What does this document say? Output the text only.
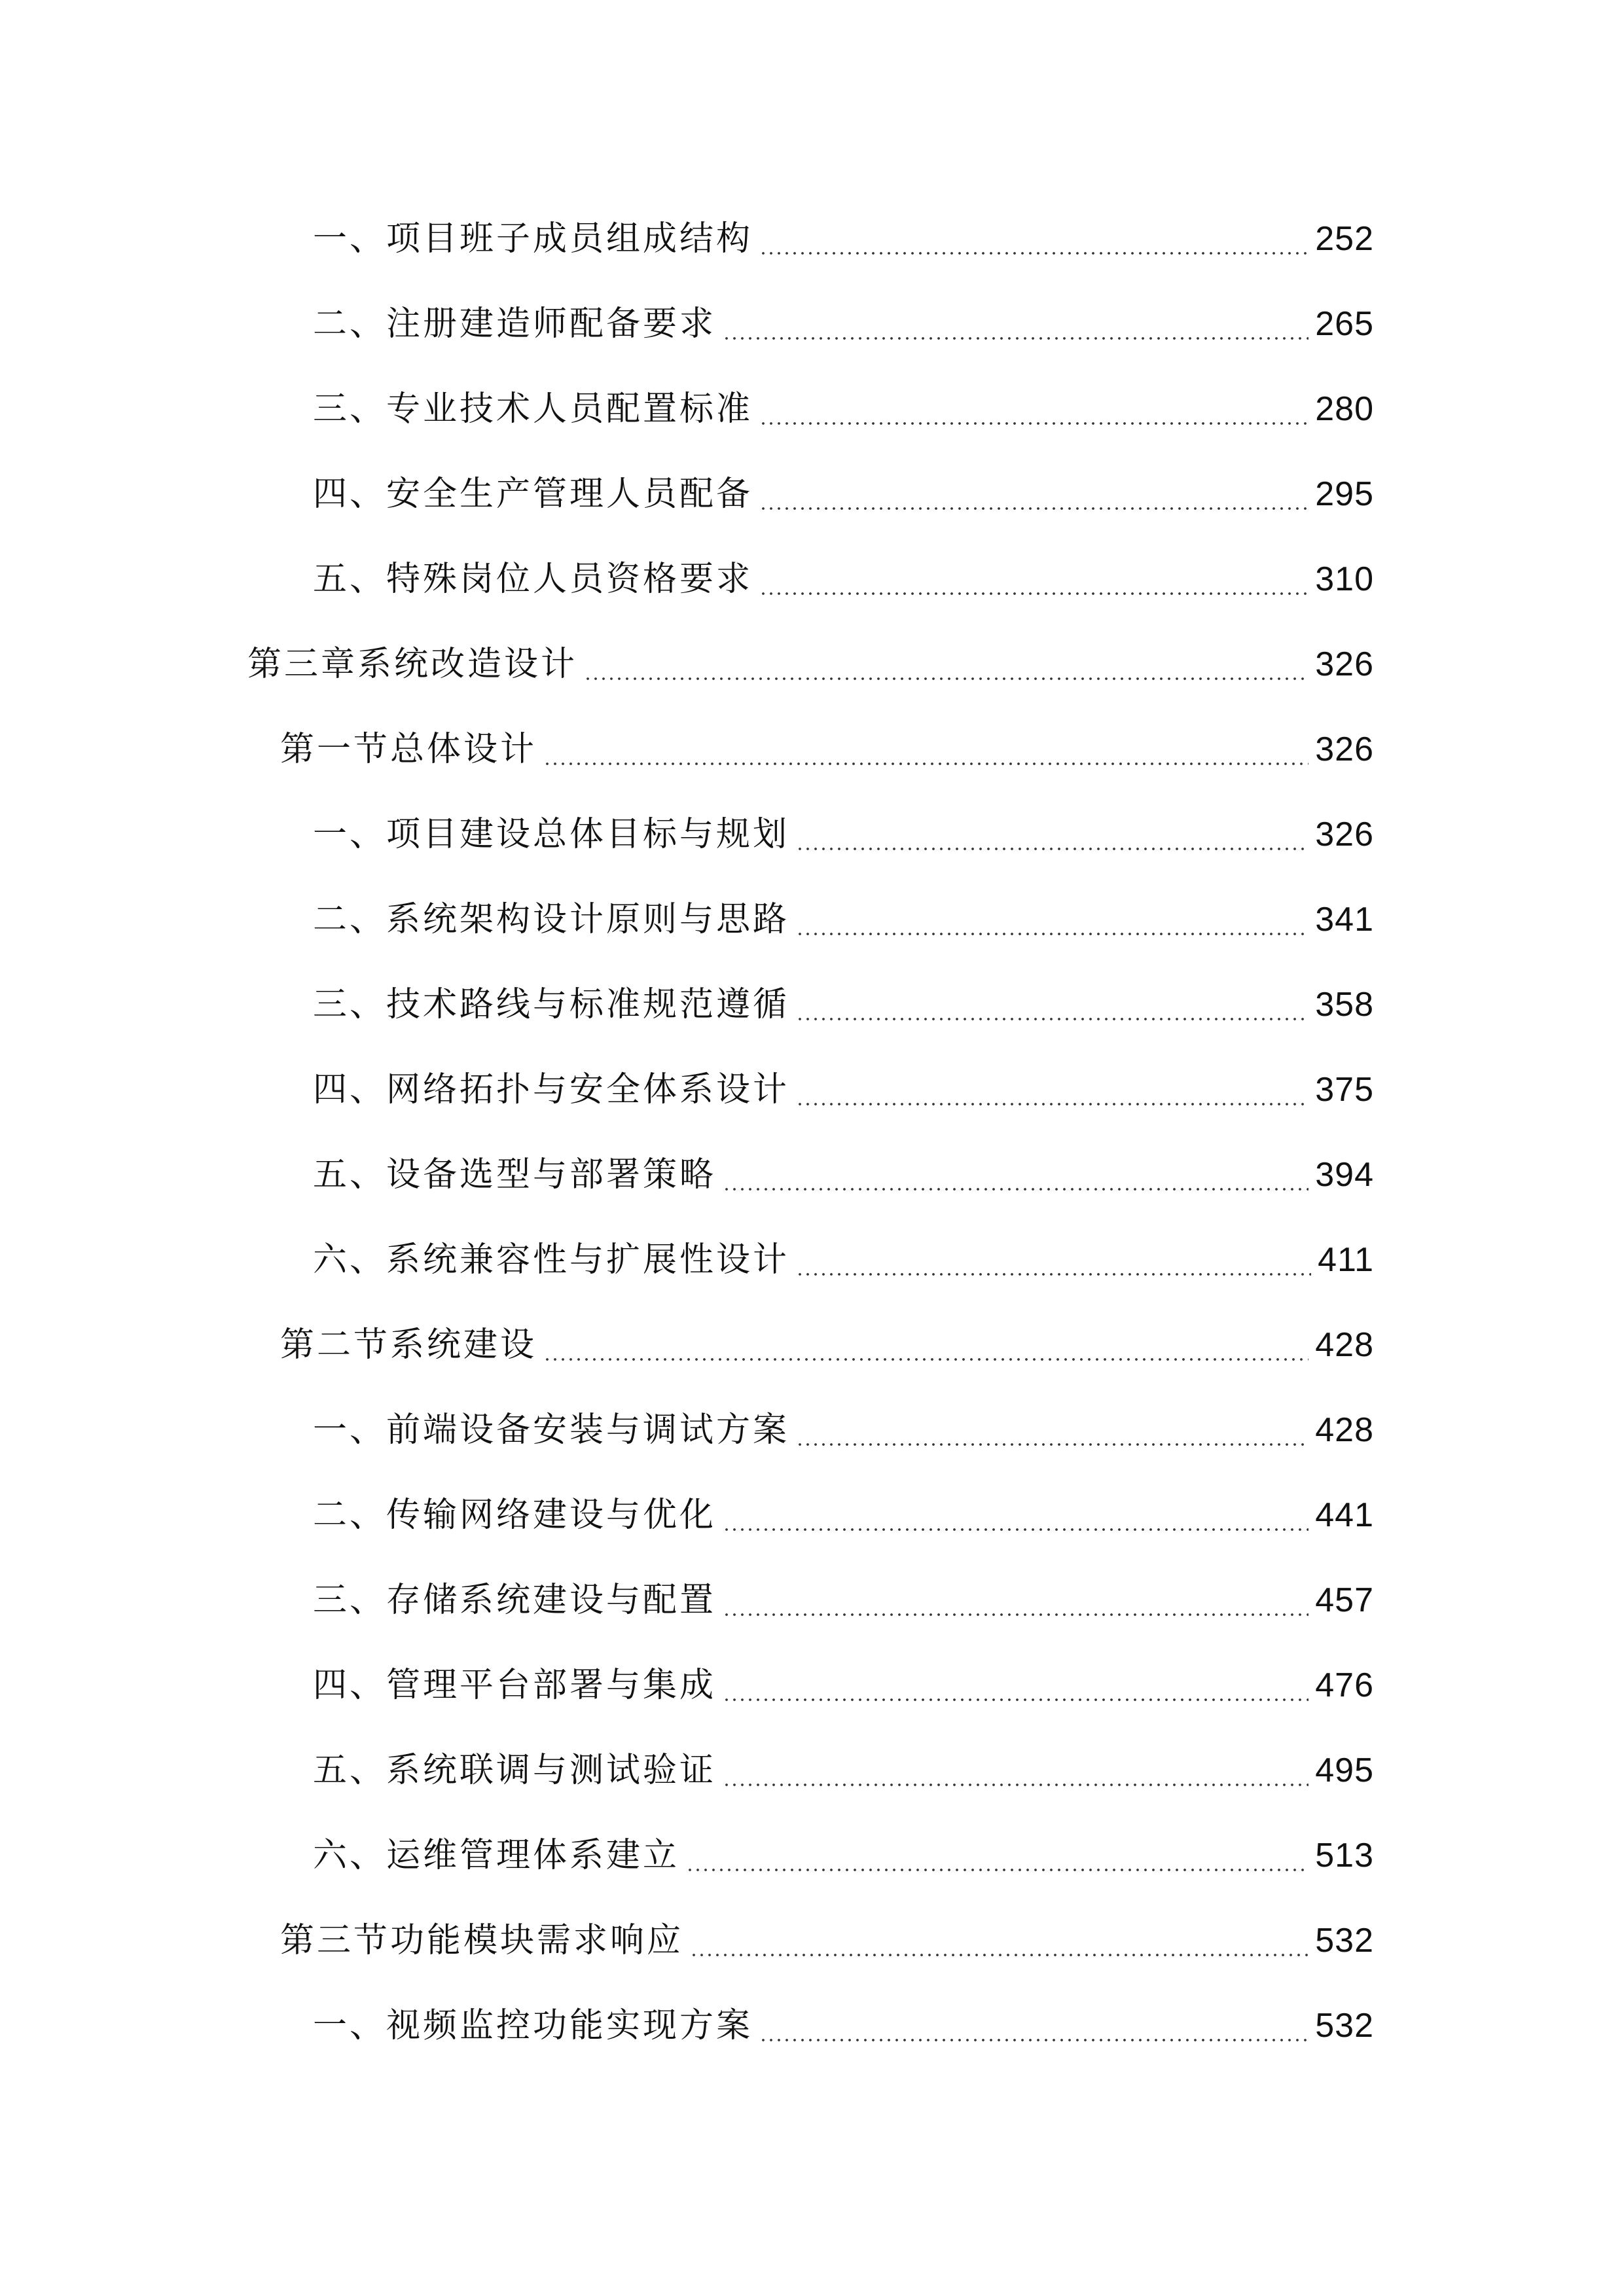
一、项目班子成员组成结构	252
二、注册建造师配备要求	265
三、专业技术人员配置标准	280
四、安全生产管理人员配备	295
五、特殊岗位人员资格要求	310
第三章系统改造设计	326
第一节总体设计	326
一、项目建设总体目标与规划	326
二、系统架构设计原则与思路	341
三、技术路线与标准规范遵循	358
四、网络拓扑与安全体系设计	375
五、设备选型与部署策略	394
六、系统兼容性与扩展性设计	411
第二节系统建设	428
一、前端设备安装与调试方案	428
二、传输网络建设与优化	441
三、存储系统建设与配置	457
四、管理平台部署与集成	476
五、系统联调与测试验证	495
六、运维管理体系建立	513
第三节功能模块需求响应	532
一、视频监控功能实现方案	532
